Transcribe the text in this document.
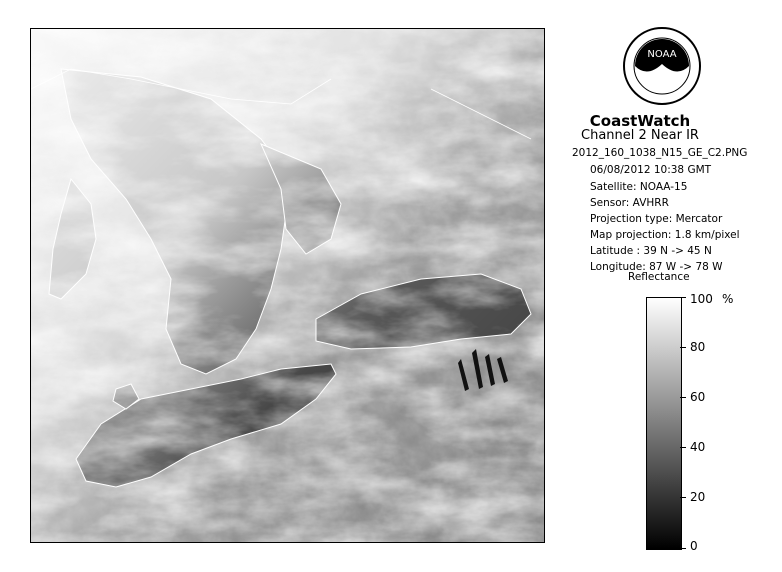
NOAA
CoastWatch
Channel 2 Near IR
2012_160_1038_N15_GE_C2.PNG
06/08/2012 10:38 GMT
Satellite: NOAA-15
Sensor: AVHRR
Projection type: Mercator
Map projection: 1.8 km/pixel
Latitude : 39 N -> 45 N
Longitude: 87 W -> 78 W
Reflectance
100
80
60
40
20
0
%
